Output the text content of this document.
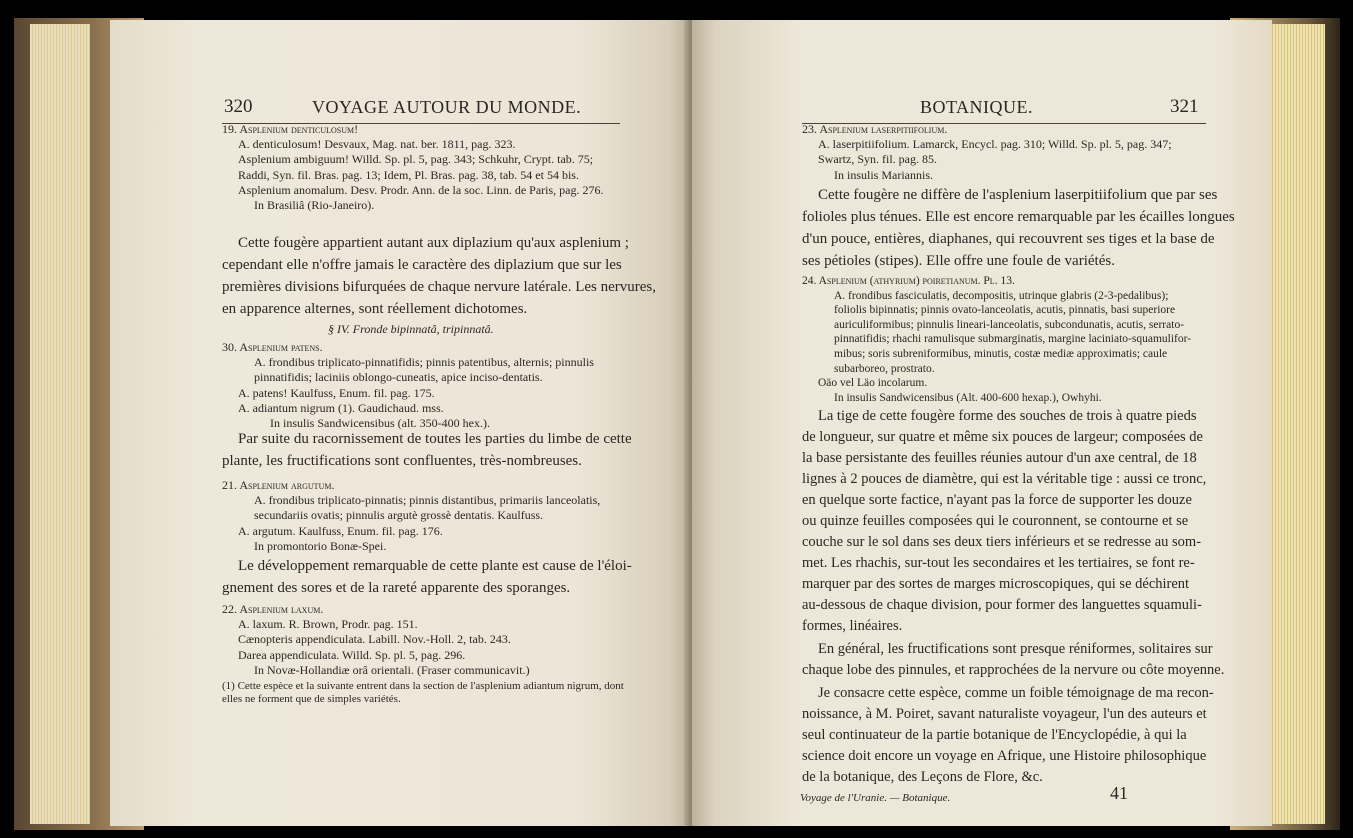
320	VOYAGE AUTOUR DU MONDE.
19. Asplenium denticulosum!
A. denticulosum! Desvaux, Mag. nat. ber. 1811, pag. 323.
Asplenium ambiguum! Willd. Sp. pl. 5, pag. 343; Schkuhr, Crypt. tab. 75;
Raddi, Syn. fil. Bras. pag. 13; Idem, Pl. Bras. pag. 38, tab. 54 et 54 bis.
Asplenium anomalum. Desv. Prodr. Ann. de la soc. Linn. de Paris, pag. 276.
In Brasiliâ (Rio-Janeiro).
Cette fougère appartient autant aux diplazium qu'aux asplenium ;
cependant elle n'offre jamais le caractère des diplazium que sur les
premières divisions bifurquées de chaque nervure latérale. Les nervures,
en apparence alternes, sont réellement dichotomes.
§ IV. Fronde bipinnatâ, tripinnatâ.
30. Asplenium patens.
A. frondibus triplicato-pinnatifidis; pinnis patentibus, alternis; pinnulis
pinnatifidis; laciniis oblongo-cuneatis, apice inciso-dentatis.
A. patens! Kaulfuss, Enum. fil. pag. 175.
A. adiantum nigrum (1). Gaudichaud. mss.
In insulis Sandwicensibus (alt. 350-400 hex.).
Par suite du racornissement de toutes les parties du limbe de cette
plante, les fructifications sont confluentes, très-nombreuses.
21. Asplenium argutum.
A. frondibus triplicato-pinnatis; pinnis distantibus, primariis lanceolatis,
secundariis ovatis; pinnulis argutè grossè dentatis. Kaulfuss.
A. argutum. Kaulfuss, Enum. fil. pag. 176.
In promontorio Bonæ-Spei.
Le développement remarquable de cette plante est cause de l'éloi-
gnement des sores et de la rareté apparente des sporanges.
22. Asplenium laxum.
A. laxum. R. Brown, Prodr. pag. 151.
Cænopteris appendiculata. Labill. Nov.-Holl. 2, tab. 243.
Darea appendiculata. Willd. Sp. pl. 5, pag. 296.
In Novæ-Hollandiæ orâ orientali. (Fraser communicavit.)
(1) Cette espèce et la suivante entrent dans la section de l'asplenium adiantum nigrum, dont
elles ne forment que de simples variétés.
BOTANIQUE.	321
23. Asplenium laserpitiifolium.
A. laserpitiifolium. Lamarck, Encycl. pag. 310; Willd. Sp. pl. 5, pag. 347;
Swartz, Syn. fil. pag. 85.
In insulis Mariannis.
Cette fougère ne diffère de l'asplenium laserpitiifolium que par ses
folioles plus ténues. Elle est encore remarquable par les écailles longues
d'un pouce, entières, diaphanes, qui recouvrent ses tiges et la base de
ses pétioles (stipes). Elle offre une foule de variétés.
24. Asplenium (athyrium) poiretianum. Pl. 13.
A. frondibus fasciculatis, decompositis, utrinque glabris (2-3-pedalibus);
foliolis bipinnatis; pinnis ovato-lanceolatis, acutis, pinnatis, basi superiore
auriculiformibus; pinnulis lineari-lanceolatis, subcondunatis, acutis, serrato-
pinnatifidis; rhachi ramulisque submarginatis, margine laciniato-squamulifor-
mibus; soris subreniformibus, minutis, costæ mediæ approximatis; caule
subarboreo, prostrato.
Oäo vel Läo incolarum.
In insulis Sandwicensibus (Alt. 400-600 hexap.), Owhyhi.
La tige de cette fougère forme des souches de trois à quatre pieds
de longueur, sur quatre et même six pouces de largeur; composées de
la base persistante des feuilles réunies autour d'un axe central, de 18
lignes à 2 pouces de diamètre, qui est la véritable tige : aussi ce tronc,
en quelque sorte factice, n'ayant pas la force de supporter les douze
ou quinze feuilles composées qui le couronnent, se contourne et se
couche sur le sol dans ses deux tiers inférieurs et se redresse au som-
met. Les rhachis, sur-tout les secondaires et les tertiaires, se font re-
marquer par des sortes de marges microscopiques, qui se déchirent
au-dessous de chaque division, pour former des languettes squamuli-
formes, linéaires.
En général, les fructifications sont presque réniformes, solitaires sur
chaque lobe des pinnules, et rapprochées de la nervure ou côte moyenne.
Je consacre cette espèce, comme un foible témoignage de ma recon-
noissance, à M. Poiret, savant naturaliste voyageur, l'un des auteurs et
seul continuateur de la partie botanique de l'Encyclopédie, à qui la
science doit encore un voyage en Afrique, une Histoire philosophique
de la botanique, des Leçons de Flore, &c.
Voyage de l'Uranie. — Botanique.	41
